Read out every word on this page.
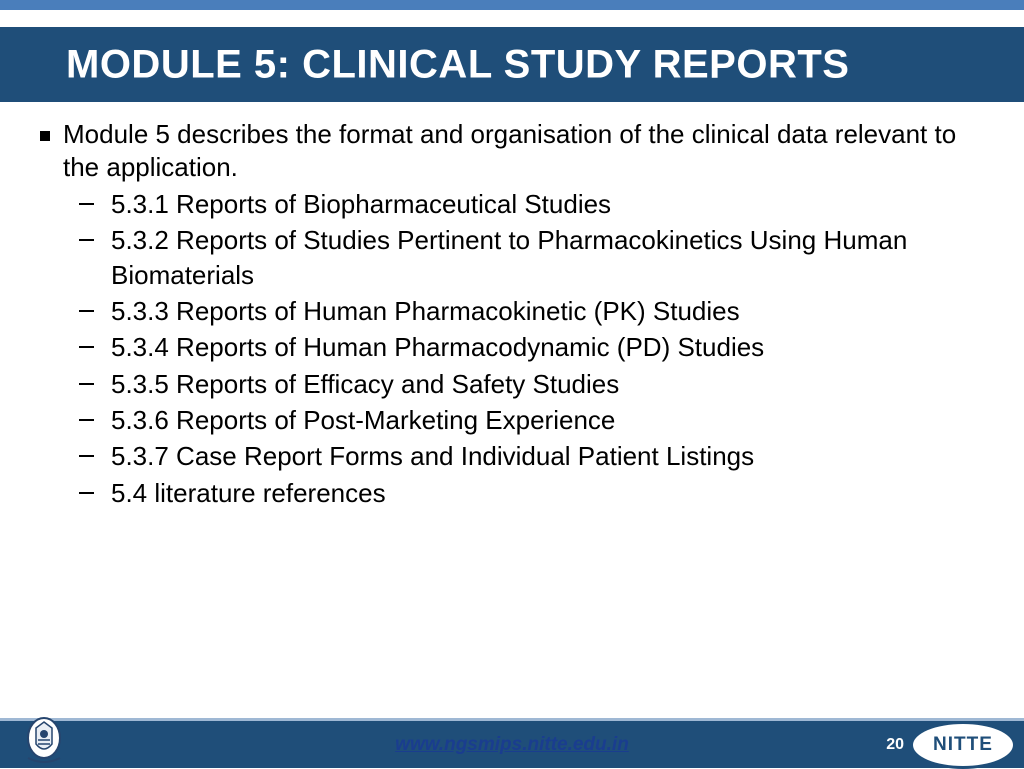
MODULE 5: CLINICAL STUDY REPORTS
Module 5 describes the format and organisation of the clinical data relevant to the application.
5.3.1 Reports of Biopharmaceutical Studies
5.3.2 Reports of Studies Pertinent to Pharmacokinetics Using Human Biomaterials
5.3.3 Reports of Human Pharmacokinetic (PK) Studies
5.3.4 Reports of Human Pharmacodynamic (PD) Studies
5.3.5 Reports of Efficacy and Safety Studies
5.3.6 Reports of Post-Marketing Experience
5.3.7 Case Report Forms and Individual Patient Listings
5.4 literature references
www.ngsmips.nitte.edu.in	20 NITTE
